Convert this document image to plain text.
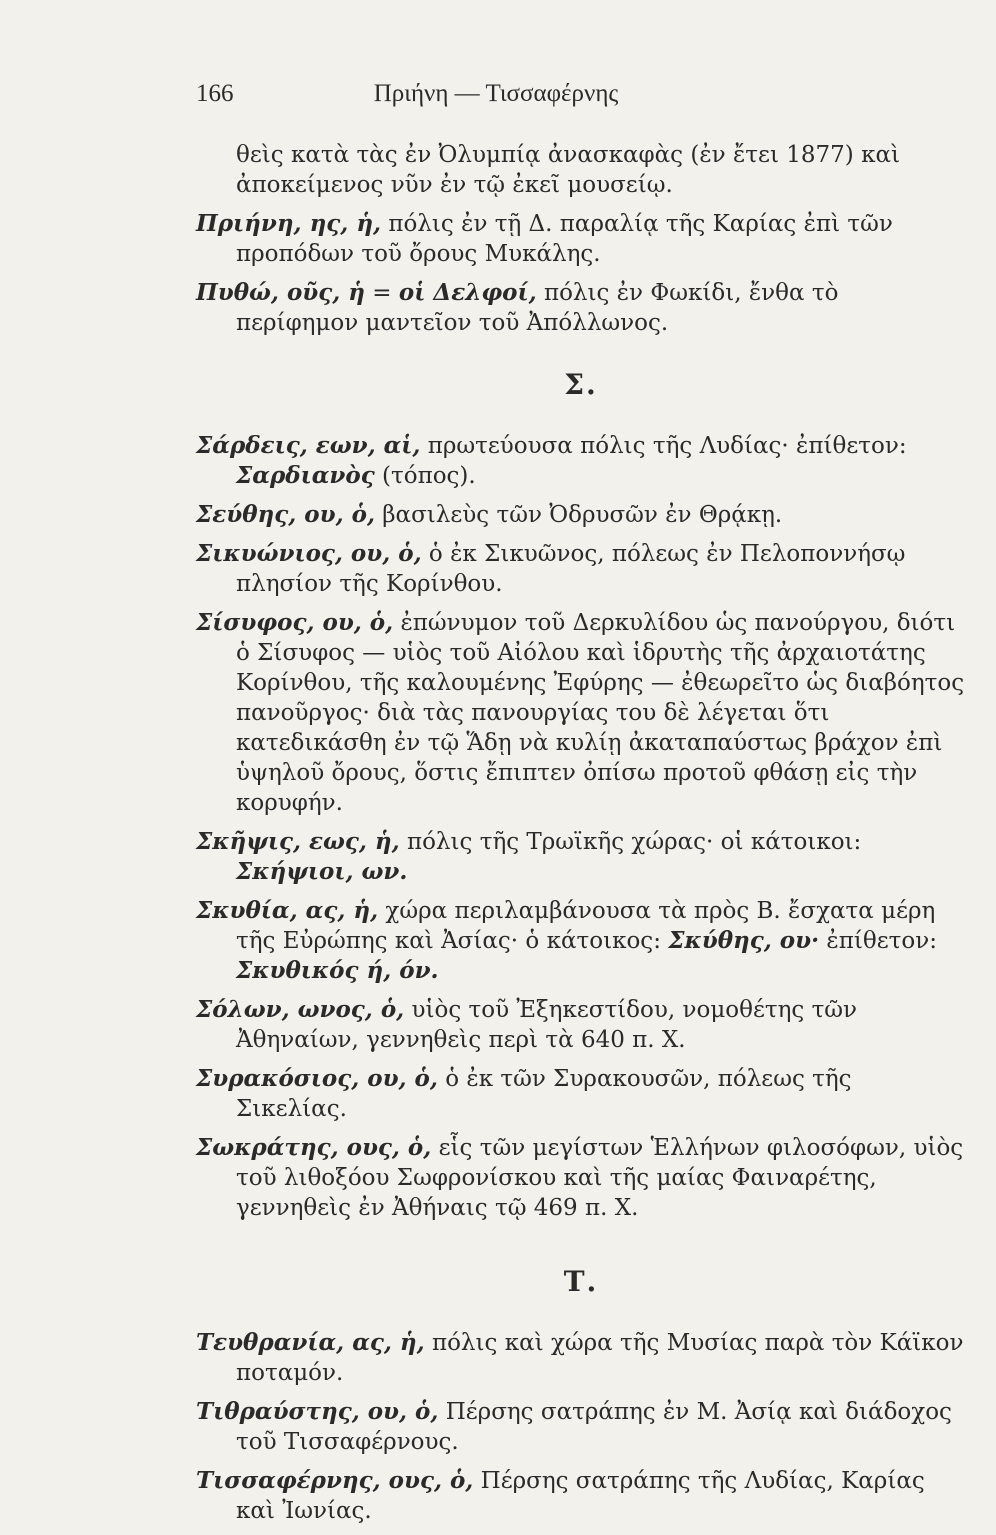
166	Πριήνη — Τισσαφέρνης

θεὶς κατὰ τὰς ἐν Ὀλυμπίᾳ ἀνασκαφὰς (ἐν ἔτει 1877) καὶ ἀποκείμενος νῦν ἐν τῷ ἐκεῖ μουσείῳ.

Πριήνη, ης, ἡ, πόλις ἐν τῇ Δ. παραλίᾳ τῆς Καρίας ἐπὶ τῶν προπόδων τοῦ ὄρους Μυκάλης.

Πυθώ, οῦς, ἡ = οἱ Δελφοί, πόλις ἐν Φωκίδι, ἔνθα τὸ περίφημον μαντεῖον τοῦ Ἀπόλλωνος.

Σ.

Σάρδεις, εων, αἱ, πρωτεύουσα πόλις τῆς Λυδίας· ἐπίθετον: Σαρδιανὸς (τόπος).

Σεύθης, ου, ὁ, βασιλεὺς τῶν Ὀδρυσῶν ἐν Θρᾴκῃ.

Σικυώνιος, ου, ὁ, ὁ ἐκ Σικυῶνος, πόλεως ἐν Πελοποννήσῳ πλησίον τῆς Κορίνθου.

Σίσυφος, ου, ὁ, ἐπώνυμον τοῦ Δερκυλίδου ὡς πανούργου, διότι ὁ Σίσυφος — υἱὸς τοῦ Αἰόλου καὶ ἱδρυτὴς τῆς ἀρχαιοτάτης Κορίνθου, τῆς καλουμένης Ἐφύρης — ἐθεωρεῖτο ὡς διαβόητος πανοῦργος· διὰ τὰς πανουργίας του δὲ λέγεται ὅτι κατεδικάσθη ἐν τῷ Ἅδῃ νὰ κυλίῃ ἀκαταπαύστως βράχον ἐπὶ ὑψηλοῦ ὄρους, ὅστις ἔπιπτεν ὀπίσω προτοῦ φθάσῃ εἰς τὴν κορυφήν.

Σκῆψις, εως, ἡ, πόλις τῆς Τρωϊκῆς χώρας· οἱ κάτοικοι: Σκήψιοι, ων.

Σκυθία, ας, ἡ, χώρα περιλαμβάνουσα τὰ πρὸς Β. ἔσχατα μέρη τῆς Εὐρώπης καὶ Ἀσίας· ὁ κάτοικος: Σκύθης, ου· ἐπίθετον: Σκυθικός ή, όν.

Σόλων, ωνος, ὁ, υἱὸς τοῦ Ἐξηκεστίδου, νομοθέτης τῶν Ἀθηναίων, γεννηθεὶς περὶ τὰ 640 π. Χ.

Συρακόσιος, ου, ὁ, ὁ ἐκ τῶν Συρακουσῶν, πόλεως τῆς Σικελίας.

Σωκράτης, ους, ὁ, εἷς τῶν μεγίστων Ἑλλήνων φιλοσόφων, υἱὸς τοῦ λιθοξόου Σωφρονίσκου καὶ τῆς μαίας Φαιναρέτης, γεννηθεὶς ἐν Ἀθήναις τῷ 469 π. Χ.

Τ.

Τευθρανία, ας, ἡ, πόλις καὶ χώρα τῆς Μυσίας παρὰ τὸν Κάϊκον ποταμόν.

Τιθραύστης, ου, ὁ, Πέρσης σατράπης ἐν Μ. Ἀσίᾳ καὶ διάδοχος τοῦ Τισσαφέρνους.

Τισσαφέρνης, ους, ὁ, Πέρσης σατράπης τῆς Λυδίας, Καρίας καὶ Ἰωνίας.
